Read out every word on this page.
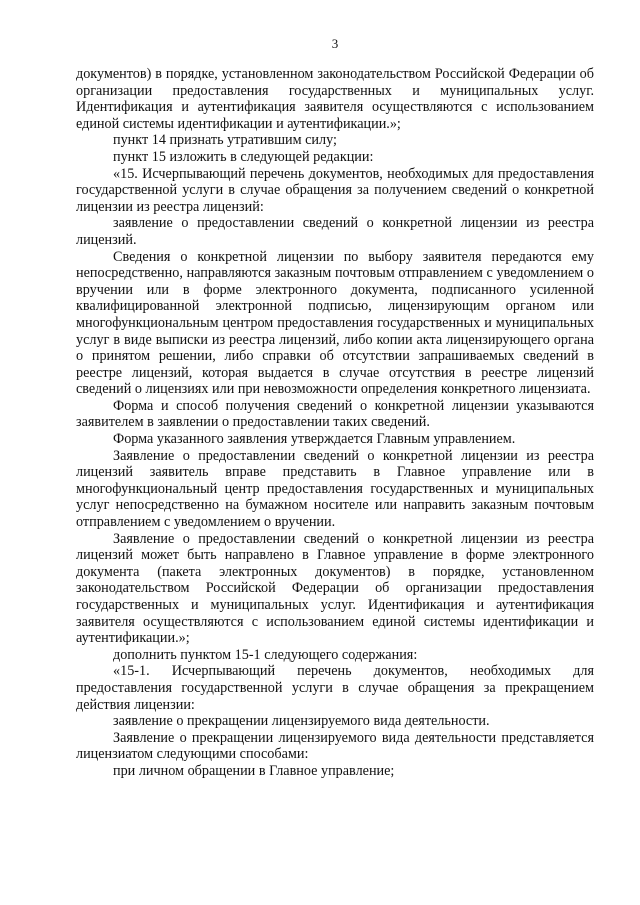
3

документов) в порядке, установленном законодательством Российской Федерации об организации предоставления государственных и муниципальных услуг. Идентификация и аутентификация заявителя осуществляются с использованием единой системы идентификации и аутентификации.»;

пункт 14 признать утратившим силу;

пункт 15 изложить в следующей редакции:

«15. Исчерпывающий перечень документов, необходимых для предоставления государственной услуги в случае обращения за получением сведений о конкретной лицензии из реестра лицензий:

заявление о предоставлении сведений о конкретной лицензии из реестра лицензий.

Сведения о конкретной лицензии по выбору заявителя передаются ему непосредственно, направляются заказным почтовым отправлением с уведомлением о вручении или в форме электронного документа, подписанного усиленной квалифицированной электронной подписью, лицензирующим органом или многофункциональным центром предоставления государственных и муниципальных услуг в виде выписки из реестра лицензий, либо копии акта лицензирующего органа о принятом решении, либо справки об отсутствии запрашиваемых сведений в реестре лицензий, которая выдается в случае отсутствия в реестре лицензий сведений о лицензиях или при невозможности определения конкретного лицензиата.

Форма и способ получения сведений о конкретной лицензии указываются заявителем в заявлении о предоставлении таких сведений.

Форма указанного заявления утверждается Главным управлением.

Заявление о предоставлении сведений о конкретной лицензии из реестра лицензий заявитель вправе представить в Главное управление или в многофункциональный центр предоставления государственных и муниципальных услуг непосредственно на бумажном носителе или направить заказным почтовым отправлением с уведомлением о вручении.

Заявление о предоставлении сведений о конкретной лицензии из реестра лицензий может быть направлено в Главное управление в форме электронного документа (пакета электронных документов) в порядке, установленном законодательством Российской Федерации об организации предоставления государственных и муниципальных услуг. Идентификация и аутентификация заявителя осуществляются с использованием единой системы идентификации и аутентификации.»;

дополнить пунктом 15-1 следующего содержания:

«15-1. Исчерпывающий перечень документов, необходимых для предоставления государственной услуги в случае обращения за прекращением действия лицензии:

заявление о прекращении лицензируемого вида деятельности.

Заявление о прекращении лицензируемого вида деятельности представляется лицензиатом следующими способами:

при личном обращении в Главное управление;
